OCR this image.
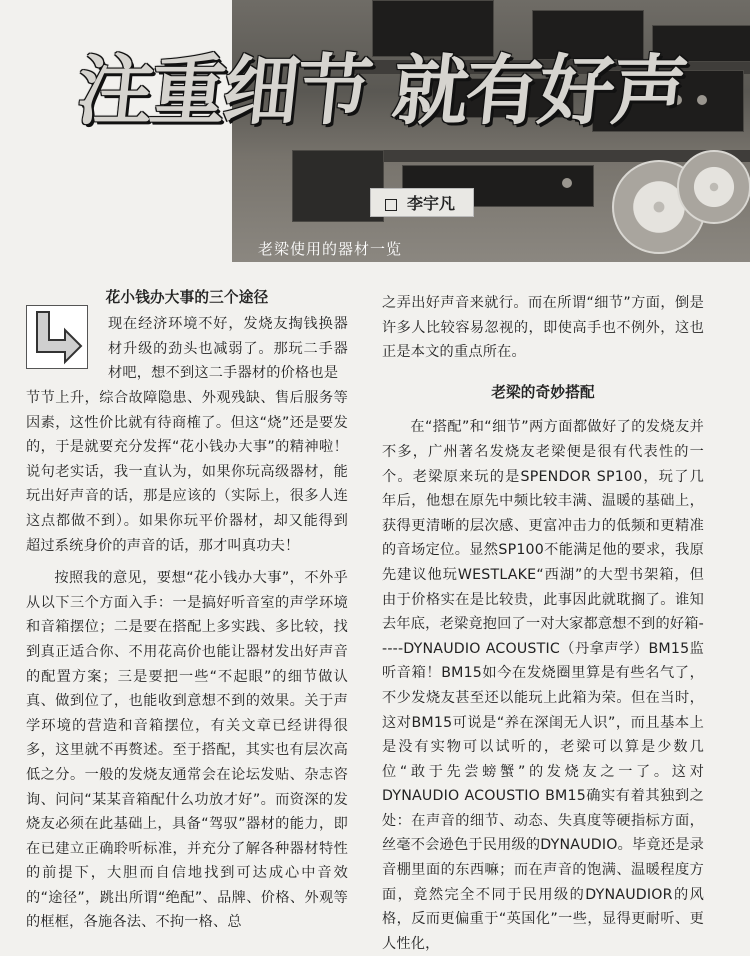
注重细节 就有好声
李宇凡
老梁使用的器材一览
花小钱办大事的三个途径

现在经济环境不好，发烧友掏钱换器材升级的劲头也减弱了。那玩二手器材吧，想不到这二手器材的价格也是

节节上升，综合故障隐患、外观残缺、售后服务等因素，这性价比就有待商榷了。但这“烧”还是要发的，于是就要充分发挥“花小钱办大事”的精神啦！说句老实话，我一直认为，如果你玩高级器材，能玩出好声音的话，那是应该的（实际上，很多人连这点都做不到）。如果你玩平价器材，却又能得到超过系统身价的声音的话，那才叫真功夫！

按照我的意见，要想“花小钱办大事”，不外乎从以下三个方面入手：一是搞好听音室的声学环境和音箱摆位；二是要在搭配上多实践、多比较，找到真正适合你、不用花高价也能让器材发出好声音的配置方案；三是要把一些“不起眼”的细节做认真、做到位了，也能收到意想不到的效果。关于声学环境的营造和音箱摆位，有关文章已经讲得很多，这里就不再赘述。至于搭配，其实也有层次高低之分。一般的发烧友通常会在论坛发贴、杂志咨询、问问“某某音箱配什么功放才好”。而资深的发烧友必须在此基础上，具备“驾驭”器材的能力，即在已建立正确聆听标准，并充分了解各种器材特性的前提下，大胆而自信地找到可达成心中音效的“途径”，跳出所谓“绝配”、品牌、价格、外观等的框框，各施各法、不拘一格、总

之弄出好声音来就行。而在所谓“细节”方面，倒是许多人比较容易忽视的，即使高手也不例外，这也正是本文的重点所在。

老梁的奇妙搭配

在“搭配”和“细节”两方面都做好了的发烧友并不多，广州著名发烧友老梁便是很有代表性的一个。老梁原来玩的是SPENDOR SP100，玩了几年后，他想在原先中频比较丰满、温暖的基础上，获得更清晰的层次感、更富冲击力的低频和更精准的音场定位。显然SP100不能满足他的要求，我原先建议他玩WESTLAKE“西湖”的大型书架箱，但由于价格实在是比较贵，此事因此就耽搁了。谁知去年底，老梁竟抱回了一对大家都意想不到的好箱-----DYNAUDIO ACOUSTIC（丹拿声学）BM15监听音箱！BM15如今在发烧圈里算是有些名气了，不少发烧友甚至还以能玩上此箱为荣。但在当时，这对BM15可说是“养在深闺无人识”，而且基本上是没有实物可以试听的，老梁可以算是少数几位“敢于先尝螃蟹”的发烧友之一了。这对DYNAUDIO ACOUSTIO BM15确实有着其独到之处：在声音的细节、动态、失真度等硬指标方面，丝毫不会逊色于民用级的DYNAUDIO。毕竟还是录音棚里面的东西嘛；而在声音的饱满、温暖程度方面，竟然完全不同于民用级的DYNAUDIOR的风格，反而更偏重于“英国化”一些，显得更耐听、更人性化，
